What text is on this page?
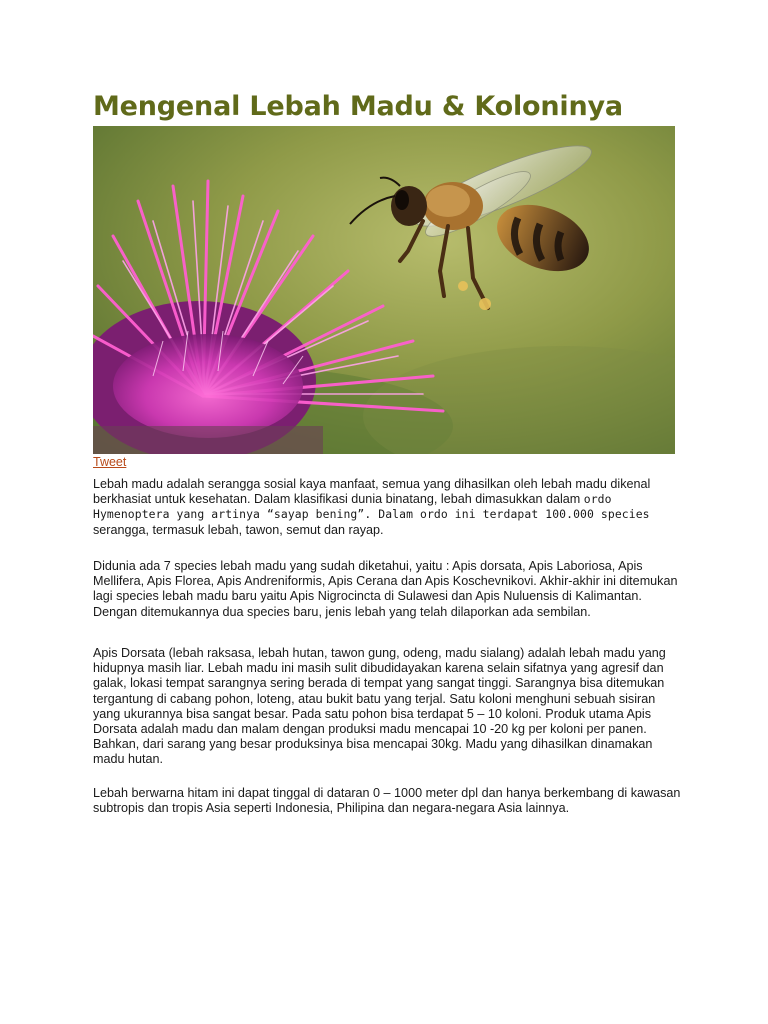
Mengenal Lebah Madu & Koloninya
Tweet

Lebah madu adalah serangga sosial kaya manfaat, semua yang dihasilkan oleh lebah madu dikenal berkhasiat untuk kesehatan. Dalam klasifikasi dunia binatang, lebah dimasukkan dalam ordo Hymenoptera yang artinya “sayap bening”. Dalam ordo ini terdapat 100.000 species serangga, termasuk lebah, tawon, semut dan rayap.

Didunia ada 7 species lebah madu yang sudah diketahui, yaitu : Apis dorsata, Apis Laboriosa, Apis Mellifera, Apis Florea, Apis Andreniformis, Apis Cerana dan Apis Koschevnikovi. Akhir-akhir ini ditemukan lagi species lebah madu baru yaitu Apis Nigrocincta di Sulawesi dan Apis Nuluensis di Kalimantan. Dengan ditemukannya dua species baru, jenis lebah yang telah dilaporkan ada sembilan.

Apis Dorsata (lebah raksasa, lebah hutan, tawon gung, odeng, madu sialang) adalah lebah madu yang hidupnya masih liar. Lebah madu ini masih sulit dibudidayakan karena selain sifatnya yang agresif dan galak, lokasi tempat sarangnya sering berada di tempat yang sangat tinggi. Sarangnya bisa ditemukan tergantung di cabang pohon, loteng, atau bukit batu yang terjal. Satu koloni menghuni sebuah sisiran yang ukurannya bisa sangat besar. Pada satu pohon bisa terdapat 5 – 10 koloni. Produk utama Apis Dorsata adalah madu dan malam dengan produksi madu mencapai 10 -20 kg per koloni per panen. Bahkan, dari sarang yang besar produksinya bisa mencapai 30kg. Madu yang dihasilkan dinamakan madu hutan.

Lebah berwarna hitam ini dapat tinggal di dataran 0 – 1000 meter dpl dan hanya berkembang di kawasan subtropis dan tropis Asia seperti Indonesia, Philipina dan negara-negara Asia lainnya.
